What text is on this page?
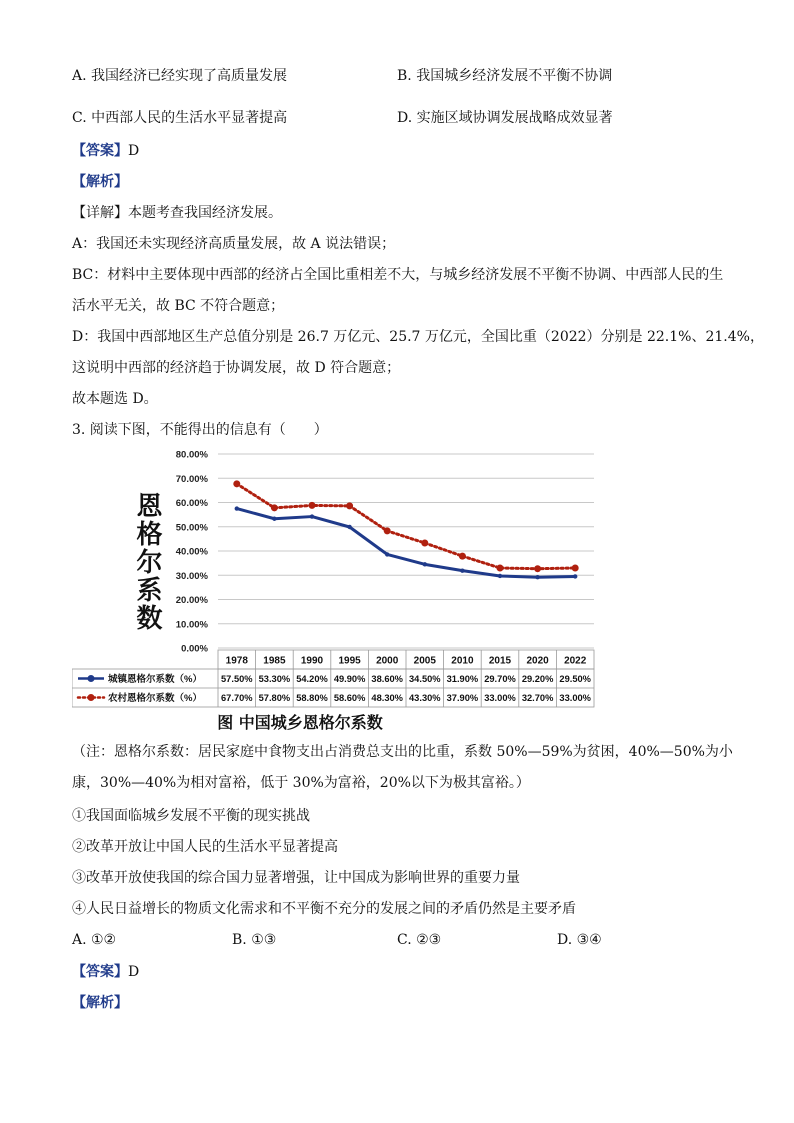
A. 我国经济已经实现了高质量发展	B. 我国城乡经济发展不平衡不协调
C. 中西部人民的生活水平显著提高	D. 实施区域协调发展战略成效显著
【答案】D
【解析】
【详解】本题考查我国经济发展。
A：我国还未实现经济高质量发展，故 A 说法错误；
BC：材料中主要体现中西部的经济占全国比重相差不大，与城乡经济发展不平衡不协调、中西部人民的生
活水平无关，故 BC 不符合题意；
D：我国中西部地区生产总值分别是 26.7 万亿元、25.7 万亿元，全国比重（2022）分别是 22.1%、21.4%，
这说明中西部的经济趋于协调发展，故 D 符合题意；
故本题选 D。
3. 阅读下图，不能得出的信息有（　　）
恩格尔系数
0.00%
10.00%
20.00%
30.00%
40.00%
50.00%
60.00%
70.00%
80.00%
1978 1985 1990 1995 2000 2005 2010 2015 2020 2022
城镇恩格尔系数（%） 57.50% 53.30% 54.20% 49.90% 38.60% 34.50% 31.90% 29.70% 29.20% 29.50%
农村恩格尔系数（%） 67.70% 57.80% 58.80% 58.60% 48.30% 43.30% 37.90% 33.00% 32.70% 33.00%
图 中国城乡恩格尔系数
（注：恩格尔系数：居民家庭中食物支出占消费总支出的比重，系数 50%—59%为贫困，40%—50%为小
康，30%—40%为相对富裕，低于 30%为富裕，20%以下为极其富裕。）
①我国面临城乡发展不平衡的现实挑战
②改革开放让中国人民的生活水平显著提高
③改革开放使我国的综合国力显著增强，让中国成为影响世界的重要力量
④人民日益增长的物质文化需求和不平衡不充分的发展之间的矛盾仍然是主要矛盾
A. ①②	B. ①③	C. ②③	D. ③④
【答案】D
【解析】
